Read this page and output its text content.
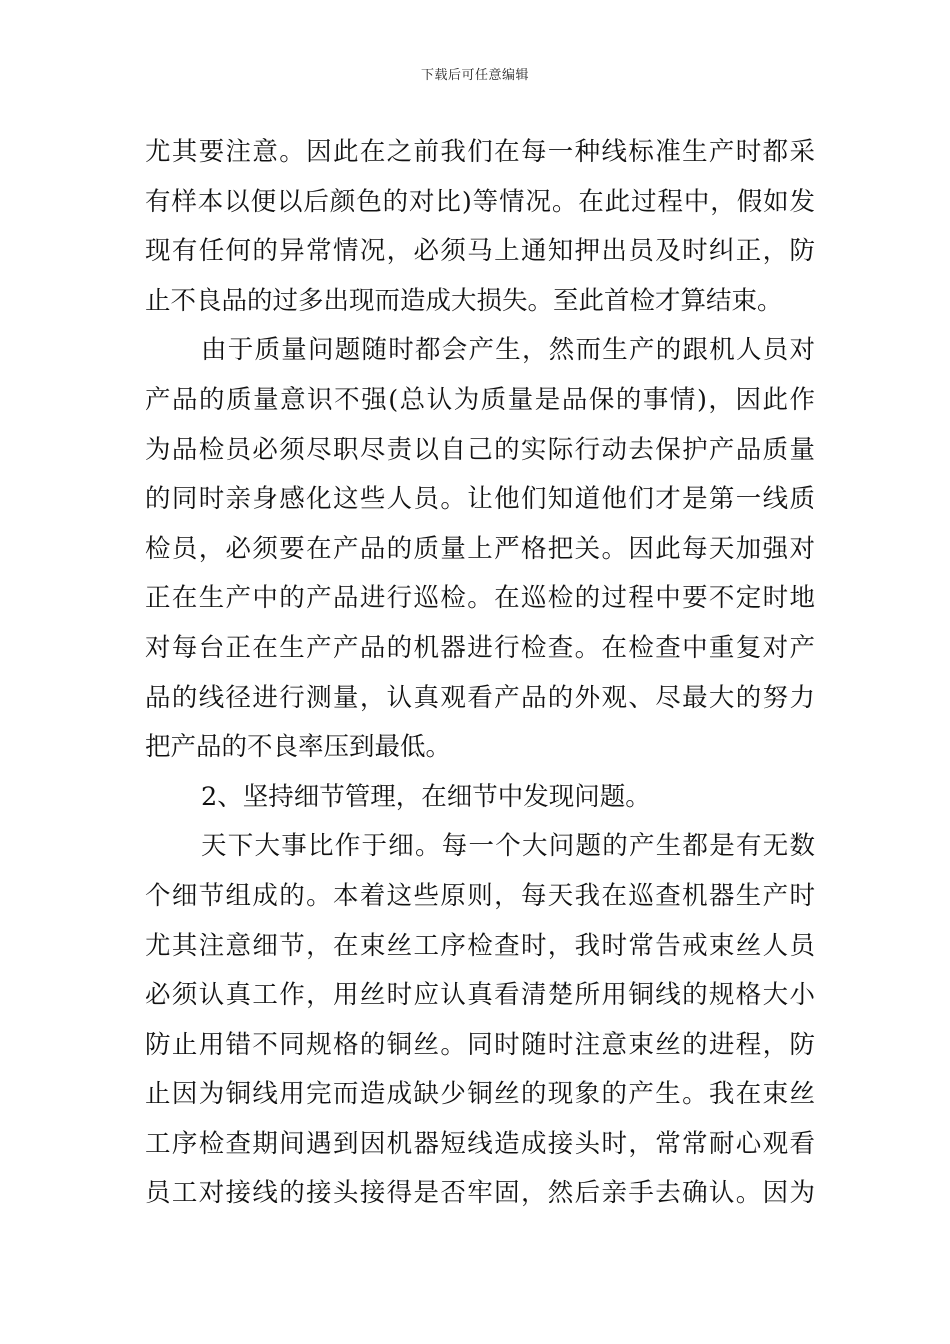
下载后可任意编辑
尤其要注意。因此在之前我们在每一种线标准生产时都采
有样本以便以后颜色的对比)等情况。在此过程中，假如发
现有任何的异常情况，必须马上通知押出员及时纠正，防
止不良品的过多出现而造成大损失。至此首检才算结束。
由于质量问题随时都会产生，然而生产的跟机人员对
产品的质量意识不强(总认为质量是品保的事情)，因此作
为品检员必须尽职尽责以自己的实际行动去保护产品质量
的同时亲身感化这些人员。让他们知道他们才是第一线质
检员，必须要在产品的质量上严格把关。因此每天加强对
正在生产中的产品进行巡检。在巡检的过程中要不定时地
对每台正在生产产品的机器进行检查。在检查中重复对产
品的线径进行测量，认真观看产品的外观、尽最大的努力
把产品的不良率压到最低。
2、坚持细节管理，在细节中发现问题。
天下大事比作于细。每一个大问题的产生都是有无数
个细节组成的。本着这些原则，每天我在巡查机器生产时
尤其注意细节，在束丝工序检查时，我时常告戒束丝人员
必须认真工作，用丝时应认真看清楚所用铜线的规格大小
防止用错不同规格的铜丝。同时随时注意束丝的进程，防
止因为铜线用完而造成缺少铜丝的现象的产生。我在束丝
工序检查期间遇到因机器短线造成接头时，常常耐心观看
员工对接线的接头接得是否牢固，然后亲手去确认。因为
